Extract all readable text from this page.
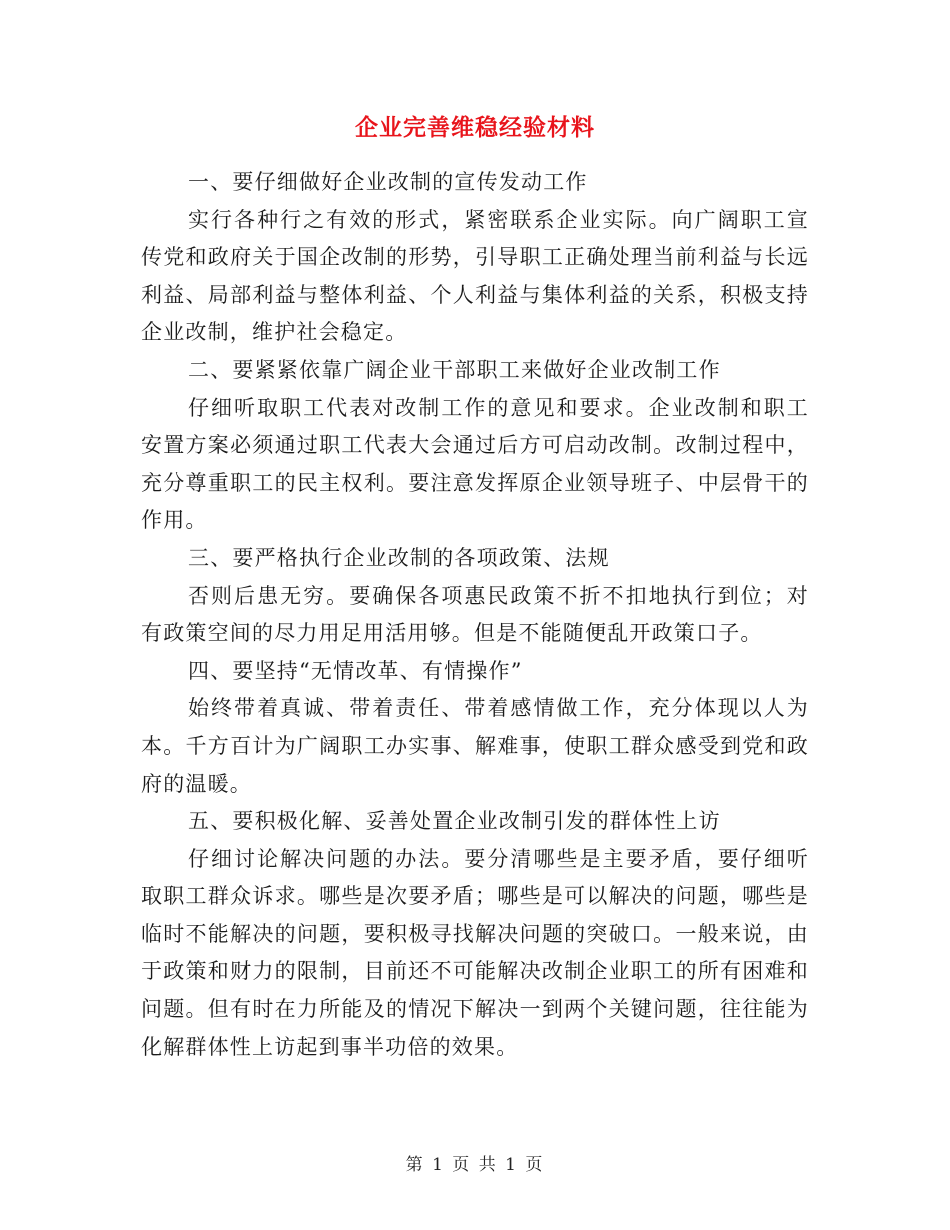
企业完善维稳经验材料

一、要仔细做好企业改制的宣传发动工作

实行各种行之有效的形式，紧密联系企业实际。向广阔职工宣传党和政府关于国企改制的形势，引导职工正确处理当前利益与长远利益、局部利益与整体利益、个人利益与集体利益的关系，积极支持企业改制，维护社会稳定。

二、要紧紧依靠广阔企业干部职工来做好企业改制工作

仔细听取职工代表对改制工作的意见和要求。企业改制和职工安置方案必须通过职工代表大会通过后方可启动改制。改制过程中，充分尊重职工的民主权利。要注意发挥原企业领导班子、中层骨干的作用。

三、要严格执行企业改制的各项政策、法规

否则后患无穷。要确保各项惠民政策不折不扣地执行到位；对有政策空间的尽力用足用活用够。但是不能随便乱开政策口子。

四、要坚持“无情改革、有情操作”

始终带着真诚、带着责任、带着感情做工作，充分体现以人为本。千方百计为广阔职工办实事、解难事，使职工群众感受到党和政府的温暖。

五、要积极化解、妥善处置企业改制引发的群体性上访

仔细讨论解决问题的办法。要分清哪些是主要矛盾，要仔细听取职工群众诉求。哪些是次要矛盾；哪些是可以解决的问题，哪些是临时不能解决的问题，要积极寻找解决问题的突破口。一般来说，由于政策和财力的限制，目前还不可能解决改制企业职工的所有困难和问题。但有时在力所能及的情况下解决一到两个关键问题，往往能为化解群体性上访起到事半功倍的效果。

第 1 页 共 1 页
